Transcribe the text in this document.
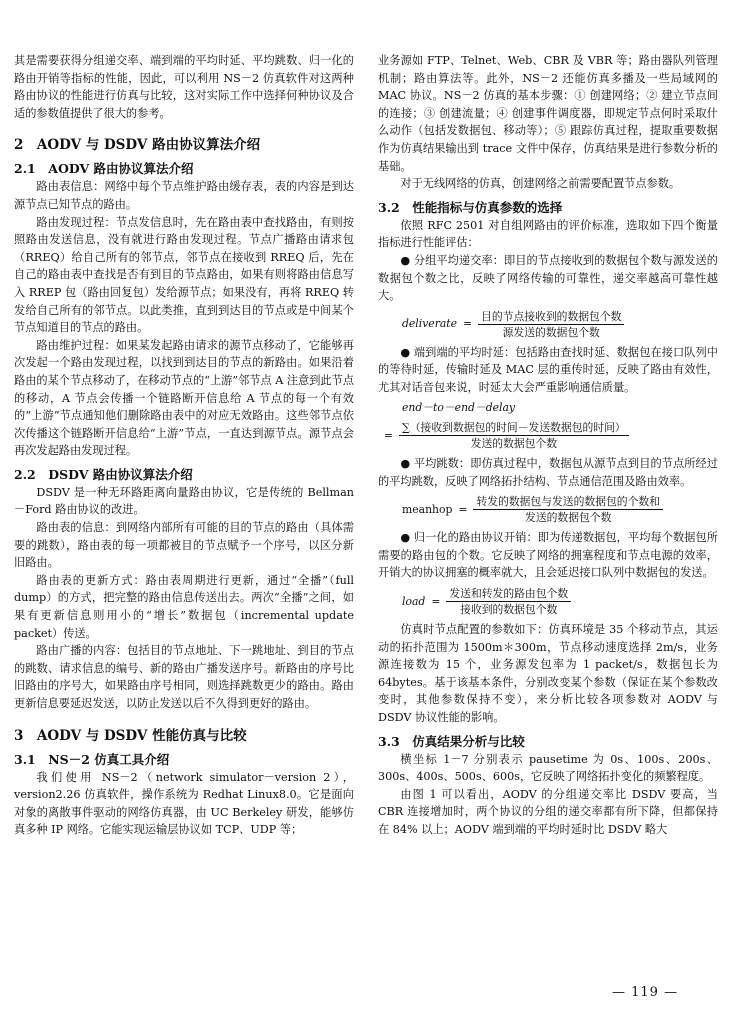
其是需要获得分组递交率、端到端的平均时延、平均跳数、归一化的路由开销等指标的性能，因此，可以利用 NS－2 仿真软件对这两种路由协议的性能进行仿真与比较，这对实际工作中选择何种协议及合适的参数值提供了很大的参考。

2　AODV 与 DSDV 路由协议算法介绍
2.1　AODV 路由协议算法介绍

路由表信息：网络中每个节点维护路由缓存表，表的内容是到达源节点已知节点的路由。

路由发现过程：节点发信息时，先在路由表中查找路由，有则按照路由发送信息，没有就进行路由发现过程。节点广播路由请求包（RREQ）给自己所有的邻节点，邻节点在接收到 RREQ 后，先在自己的路由表中查找是否有到目的节点路由，如果有则将路由信息写入 RREP 包（路由回复包）发给源节点；如果没有，再将 RREQ 转发给自己所有的邻节点。以此类推，直到到达目的节点或是中间某个节点知道目的节点的路由。

路由维护过程：如果某发起路由请求的源节点移动了，它能够再次发起一个路由发现过程，以找到到达目的节点的新路由。如果沿着路由的某个节点移动了，在移动节点的“上游”邻节点 A 注意到此节点的移动，A 节点会传播一个链路断开信息给 A 节点的每一个有效的“上游”节点通知他们删除路由表中的对应无效路由。这些邻节点依次传播这个链路断开信息给“上游”节点，一直达到源节点。源节点会再次发起路由发现过程。

2.2　DSDV 路由协议算法介绍

DSDV 是一种无环路距离向量路由协议，它是传统的 Bellman－Ford 路由协议的改进。

路由表的信息：到网络内部所有可能的目的节点的路由（具体需要的跳数），路由表的每一项都被目的节点赋予一个序号，以区分新旧路由。

路由表的更新方式：路由表周期进行更新，通过“全播”（full dump）的方式，把完整的路由信息传送出去。两次“全播”之间，如果有更新信息则用小的“增长”数据包（incremental update packet）传送。

路由广播的内容：包括目的节点地址、下一跳地址、到目的节点的跳数、请求信息的编号、新的路由广播发送序号。新路由的序号比旧路由的序号大，如果路由序号相同，则选择跳数更少的路由。路由更新信息要延迟发送，以防止发送以后不久得到更好的路由。

3　AODV 与 DSDV 性能仿真与比较
3.1　NS－2 仿真工具介绍

我们使用 NS－2（network simulator－version 2），version2.26 仿真软件，操作系统为 Redhat Linux8.0。它是面向对象的离散事件驱动的网络仿真器，由 UC Berkeley 研发，能够仿真多种 IP 网络。它能实现运输层协议如 TCP、UDP 等；

业务源如 FTP、Telnet、Web、CBR 及 VBR 等；路由器队列管理机制；路由算法等。此外，NS－2 还能仿真多播及一些局域网的 MAC 协议。NS－2 仿真的基本步骤：① 创建网络；② 建立节点间的连接；③ 创建流量；④ 创建事件调度器，即规定节点何时采取什么动作（包括发数据包、移动等）；⑤ 跟踪仿真过程，提取重要数据作为仿真结果输出到 trace 文件中保存，仿真结果是进行参数分析的基础。

对于无线网络的仿真，创建网络之前需要配置节点参数。

3.2　性能指标与仿真参数的选择

依照 RFC 2501 对自组网路由的评价标准，选取如下四个衡量指标进行性能评估：

● 分组平均递交率：即目的节点接收到的数据包个数与源发送的数据包个数之比，反映了网络传输的可靠性，递交率越高可靠性越大。

deliverate = $\frac{\text{目的节点接收到的数据包个数}}{\text{源发送的数据包个数}}$

● 端到端的平均时延：包括路由查找时延、数据包在接口队列中的等待时延，传输时延及 MAC 层的重传时延，反映了路由有效性，尤其对话音包来说，时延太大会严重影响通信质量。

end－to－end－delay
= $\frac{\text{∑（接收到数据包的时间－发送数据包的时间）}}{\text{发送的数据包个数}}$

● 平均跳数：即仿真过程中，数据包从源节点到目的节点所经过的平均跳数，反映了网络拓扑结构、节点通信范围及路由效率。

meanhop = $\frac{\text{转发的数据包与发送的数据包的个数和}}{\text{发送的数据包个数}}$

● 归一化的路由协议开销：即为传递数据包，平均每个数据包所需要的路由包的个数。它反映了网络的拥塞程度和节点电源的效率，开销大的协议拥塞的概率就大，且会延迟接口队列中数据包的发送。

load = $\frac{\text{发送和转发的路由包个数}}{\text{接收到的数据包个数}}$

仿真时节点配置的参数如下：仿真环境是 35 个移动节点，其运动的拓扑范围为 1500m＊300m，节点移动速度选择 2m/s，业务源连接数为 15 个，业务源发包率为 1 packet/s，数据包长为 64bytes。基于该基本条件，分别改变某个参数（保证在某个参数改变时，其他参数保持不变），来分析比较各项参数对 AODV 与 DSDV 协议性能的影响。

3.3　仿真结果分析与比较

横坐标 1－7 分别表示 pausetime 为 0s、100s、200s、300s、400s、500s、600s，它反映了网络拓扑变化的频繁程度。

由图 1 可以看出，AODV 的分组递交率比 DSDV 要高，当 CBR 连接增加时，两个协议的分组的递交率都有所下降，但都保持在 84% 以上；AODV 端到端的平均时延时比 DSDV 略大

— 119 —
